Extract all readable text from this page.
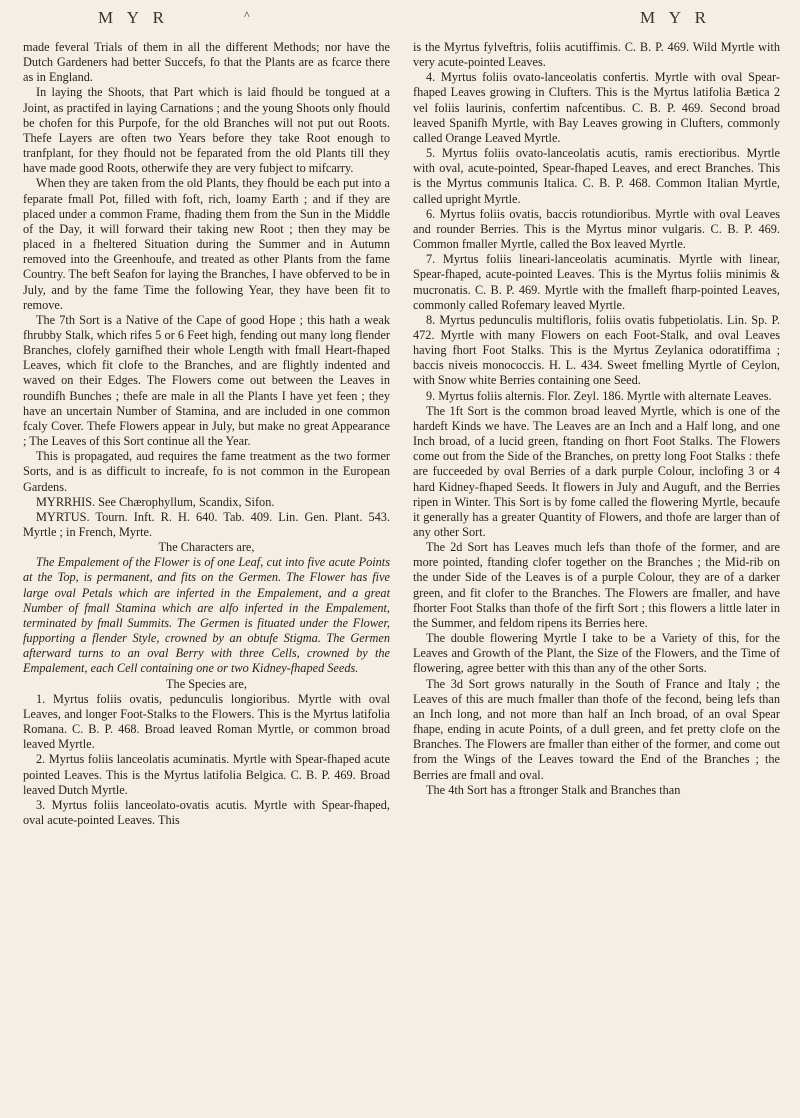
M Y R	^	M Y R

made feveral Trials of them in all the different Methods; nor have the Dutch Gardeners had better Succefs, fo that the Plants are as fcarce there as in England.

In laying the Shoots, that Part which is laid fhould be tongued at a Joint, as practifed in laying Carnations ; and the young Shoots only fhould be chofen for this Purpofe, for the old Branches will not put out Roots. Thefe Layers are often two Years before they take Root enough to tranfplant, for they fhould not be feparated from the old Plants till they have made good Roots, otherwife they are very fubject to mifcarry.

When they are taken from the old Plants, they fhould be each put into a feparate fmall Pot, filled with foft, rich, loamy Earth ; and if they are placed under a common Frame, fhading them from the Sun in the Middle of the Day, it will forward their taking new Root ; then they may be placed in a fheltered Situation during the Summer and in Autumn removed into the Greenhoufe, and treated as other Plants from the fame Country. The beft Seafon for laying the Branches, I have obferved to be in July, and by the fame Time the following Year, they have been fit to remove.

The 7th Sort is a Native of the Cape of good Hope ; this hath a weak fhrubby Stalk, which rifes 5 or 6 Feet high, fending out many long flender Branches, clofely garnifhed their whole Length with fmall Heart-fhaped Leaves, which fit clofe to the Branches, and are flightly indented and waved on their Edges. The Flowers come out between the Leaves in roundifh Bunches ; thefe are male in all the Plants I have yet feen ; they have an uncertain Number of Stamina, and are included in one common fcaly Cover. Thefe Flowers appear in July, but make no great Appearance ; The Leaves of this Sort continue all the Year.

This is propagated, aud requires the fame treatment as the two former Sorts, and is as difficult to increafe, fo is not common in the European Gardens.

MYRRHIS. See Chærophyllum, Scandix, Sifon.

MYRTUS. Tourn. Inft. R. H. 640. Tab. 409. Lin. Gen. Plant. 543. Myrtle ; in French, Myrte.

The Characters are,

The Empalement of the Flower is of one Leaf, cut into five acute Points at the Top, is permanent, and fits on the Germen. The Flower has five large oval Petals which are inferted in the Empalement, and a great Number of fmall Stamina which are alfo inferted in the Empalement, terminated by fmall Summits. The Germen is fituated under the Flower, fupporting a flender Style, crowned by an obtufe Stigma. The Germen afterward turns to an oval Berry with three Cells, crowned by the Empalement, each Cell containing one or two Kidney-fhaped Seeds.

The Species are,

1. Myrtus foliis ovatis, pedunculis longioribus. Myrtle with oval Leaves, and longer Foot-Stalks to the Flowers. This is the Myrtus latifolia Romana. C. B. P. 468. Broad leaved Roman Myrtle, or common broad leaved Myrtle.

2. Myrtus foliis lanceolatis acuminatis. Myrtle with Spear-fhaped acute pointed Leaves. This is the Myrtus latifolia Belgica. C. B. P. 469. Broad leaved Dutch Myrtle.

3. Myrtus foliis lanceolato-ovatis acutis. Myrtle with Spear-fhaped, oval acute-pointed Leaves. This

is the Myrtus fylveftris, foliis acutiffimis. C. B. P. 469. Wild Myrtle with very acute-pointed Leaves.

4. Myrtus foliis ovato-lanceolatis confertis. Myrtle with oval Spear-fhaped Leaves growing in Clufters. This is the Myrtus latifolia Bætica 2 vel foliis laurinis, confertim nafcentibus. C. B. P. 469. Second broad leaved Spanifh Myrtle, with Bay Leaves growing in Clufters, commonly called Orange Leaved Myrtle.

5. Myrtus foliis ovato-lanceolatis acutis, ramis erectioribus. Myrtle with oval, acute-pointed, Spear-fhaped Leaves, and erect Branches. This is the Myrtus communis Italica. C. B. P. 468. Common Italian Myrtle, called upright Myrtle.

6. Myrtus foliis ovatis, baccis rotundioribus. Myrtle with oval Leaves and rounder Berries. This is the Myrtus minor vulgaris. C. B. P. 469. Common fmaller Myrtle, called the Box leaved Myrtle.

7. Myrtus foliis lineari-lanceolatis acuminatis. Myrtle with linear, Spear-fhaped, acute-pointed Leaves. This is the Myrtus foliis minimis & mucronatis. C. B. P. 469. Myrtle with the fmalleft fharp-pointed Leaves, commonly called Rofemary leaved Myrtle.

8. Myrtus pedunculis multifloris, foliis ovatis fubpetiolatis. Lin. Sp. P. 472. Myrtle with many Flowers on each Foot-Stalk, and oval Leaves having fhort Foot Stalks. This is the Myrtus Zeylanica odoratiffima ; baccis niveis monococcis. H. L. 434. Sweet fmelling Myrtle of Ceylon, with Snow white Berries containing one Seed.

9. Myrtus foliis alternis. Flor. Zeyl. 186. Myrtle with alternate Leaves.

The 1ft Sort is the common broad leaved Myrtle, which is one of the hardeft Kinds we have. The Leaves are an Inch and a Half long, and one Inch broad, of a lucid green, ftanding on fhort Foot Stalks. The Flowers come out from the Side of the Branches, on pretty long Foot Stalks : thefe are fucceeded by oval Berries of a dark purple Colour, inclofing 3 or 4 hard Kidney-fhaped Seeds. It flowers in July and Auguft, and the Berries ripen in Winter. This Sort is by fome called the flowering Myrtle, becaufe it generally has a greater Quantity of Flowers, and thofe are larger than of any other Sort.

The 2d Sort has Leaves much lefs than thofe of the former, and are more pointed, ftanding clofer together on the Branches ; the Mid-rib on the under Side of the Leaves is of a purple Colour, they are of a darker green, and fit clofer to the Branches. The Flowers are fmaller, and have fhorter Foot Stalks than thofe of the firft Sort ; this flowers a little later in the Summer, and feldom ripens its Berries here.

The double flowering Myrtle I take to be a Variety of this, for the Leaves and Growth of the Plant, the Size of the Flowers, and the Time of flowering, agree better with this than any of the other Sorts.

The 3d Sort grows naturally in the South of France and Italy ; the Leaves of this are much fmaller than thofe of the fecond, being lefs than an Inch long, and not more than half an Inch broad, of an oval Spear fhape, ending in acute Points, of a dull green, and fet pretty clofe on the Branches. The Flowers are fmaller than either of the former, and come out from the Wings of the Leaves toward the End of the Branches ; the Berries are fmall and oval.

The 4th Sort has a ftronger Stalk and Branches than
